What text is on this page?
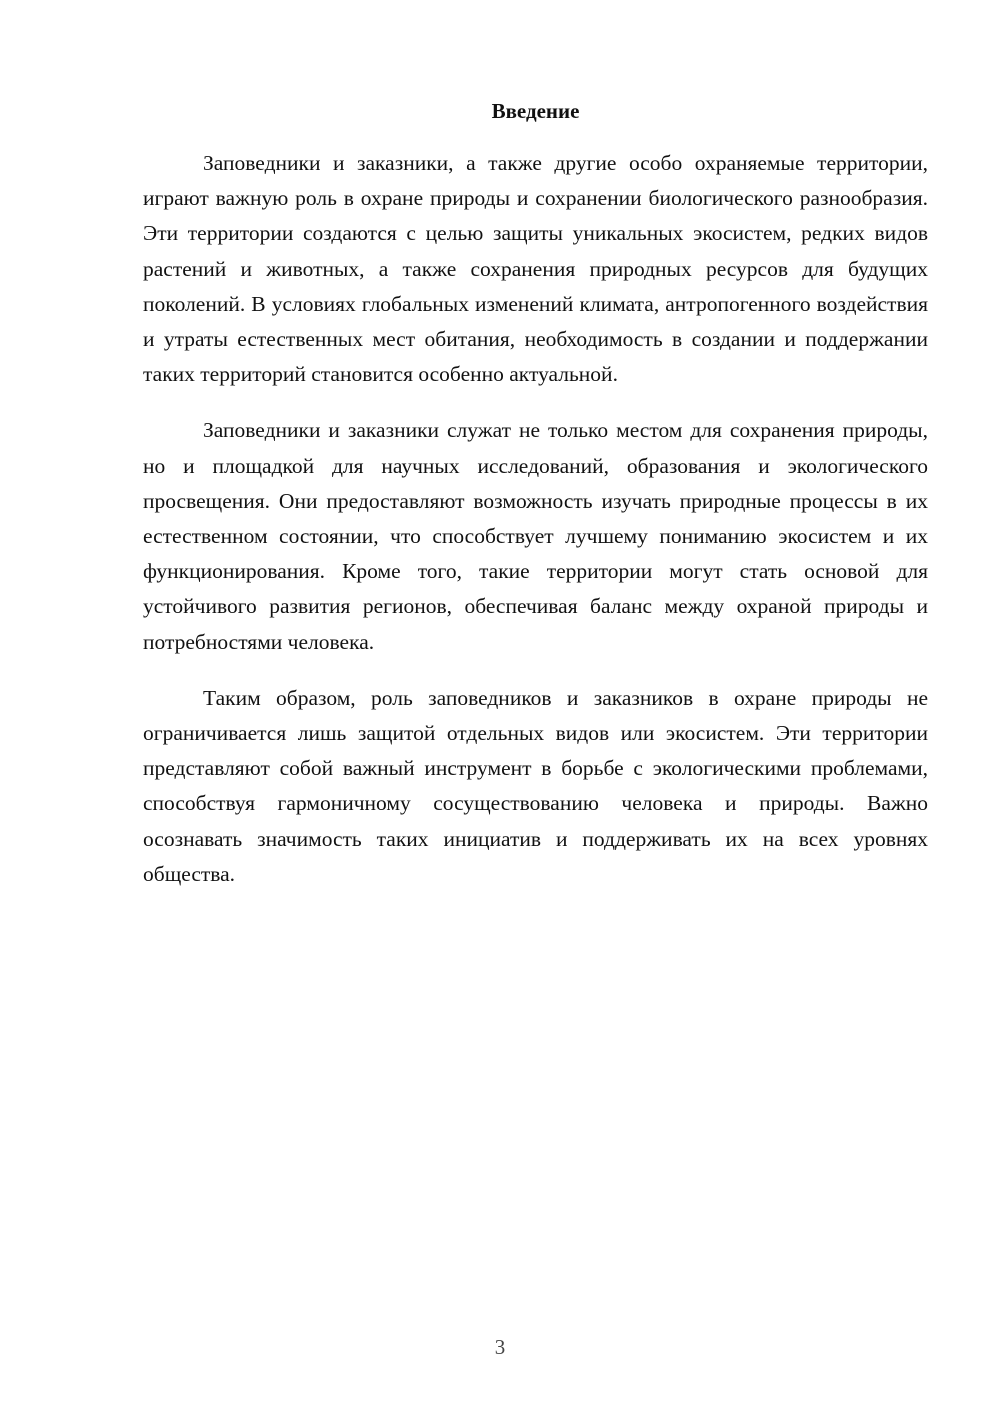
Введение

Заповедники и заказники, а также другие особо охраняемые территории, играют важную роль в охране природы и сохранении биологического разнообразия. Эти территории создаются с целью защиты уникальных экосистем, редких видов растений и животных, а также сохранения природных ресурсов для будущих поколений. В условиях глобальных изменений климата, антропогенного воздействия и утраты естественных мест обитания, необходимость в создании и поддержании таких территорий становится особенно актуальной.

Заповедники и заказники служат не только местом для сохранения природы, но и площадкой для научных исследований, образования и экологического просвещения. Они предоставляют возможность изучать природные процессы в их естественном состоянии, что способствует лучшему пониманию экосистем и их функционирования. Кроме того, такие территории могут стать основой для устойчивого развития регионов, обеспечивая баланс между охраной природы и потребностями человека.

Таким образом, роль заповедников и заказников в охране природы не ограничивается лишь защитой отдельных видов или экосистем. Эти территории представляют собой важный инструмент в борьбе с экологическими проблемами, способствуя гармоничному сосуществованию человека и природы. Важно осознавать значимость таких инициатив и поддерживать их на всех уровнях общества.

3
